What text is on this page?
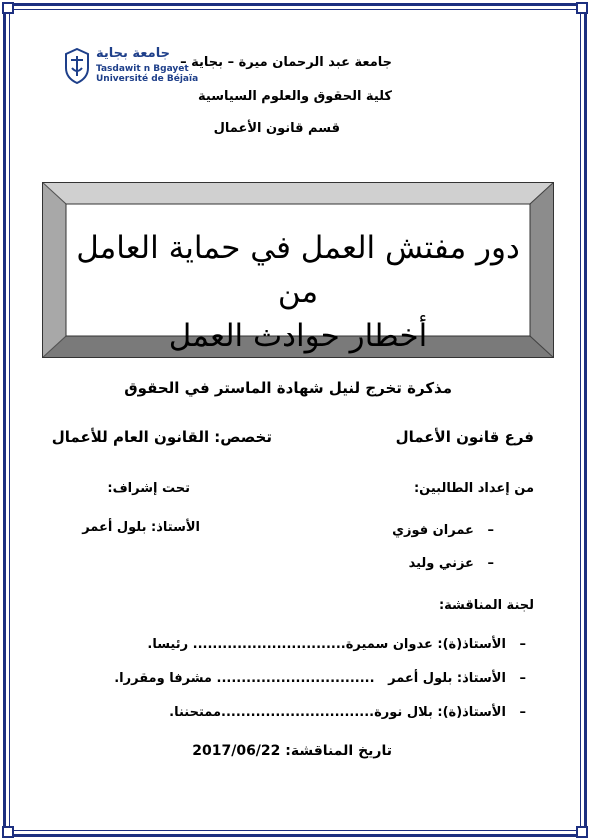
جامعة بجاية
Tasdawit n Bgayet
Université de Béjaïa
جامعة عبد الرحمان ميرة – بجاية –
كلية الحقوق والعلوم السياسية
قسم قانون الأعمال
دور مفتش العمل في حماية العامل من
أخطار حوادث العمل
مذكرة تخرج لنيل شهادة الماستر في الحقوق
فرع قانون الأعمال
تخصص: القانون العام للأعمال
من إعداد الطالبين:
تحت إشراف:
–   عمران فوزي
–   عزني وليد
الأستاذ: بلول أعمر
لجنة المناقشة:
–   الأستاذ(ة): عدوان سميرة............................... رئيسا.
–   الأستاذ: بلول أعمر   ................................ مشرفا ومقررا.
–   الأستاذ(ة): بلال نورة...............................ممتحننا.
تاريخ المناقشة: 2017/06/22
